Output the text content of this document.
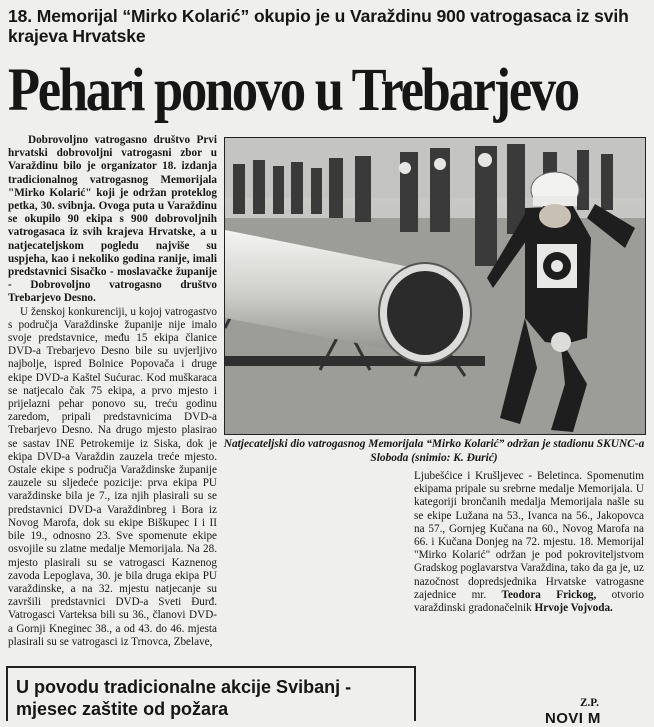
18. Memorijal “Mirko Kolarić” okupio je u Varaždinu 900 vatrogasaca iz svih krajeva Hrvatske
Pehari ponovo u Trebarjevo

Dobrovoljno vatrogasno društvo Prvi hrvatski dobrovoljni vatrogasni zbor u Varaždinu bilo je organizator 18. izdanja tradicionalnog vatrogasnog Memorijala "Mirko Kolarić" koji je održan proteklog petka, 30. svibnja. Ovoga puta u Varaždinu se okupilo 90 ekipa s 900 dobrovoljnih vatrogasaca iz svih krajeva Hrvatske, a u natjecateljskom pogledu najviše su uspjeha, kao i nekoliko godina ranije, imali predstavnici Sisačko - moslavačke županije - Dobrovoljno vatrogasno društvo Trebarjevo Desno.

U ženskoj konkurenciji, u kojoj vatrogastvo s područja Varaždinske županije nije imalo svoje predstavnice, među 15 ekipa članice DVD-a Trebarjevo Desno bile su uvjerljivo najbolje, ispred Bolnice Popovača i druge ekipe DVD-a Kaštel Sućurac. Kod muškaraca se natjecalo čak 75 ekipa, a prvo mjesto i prijelazni pehar ponovo su, treću godinu zaredom, pripali predstavnicima DVD-a Trebarjevo Desno. Na drugo mjesto plasirao se sastav INE Petrokemije iz Siska, dok je ekipa DVD-a Varaždin zauzela treće mjesto. Ostale ekipe s područja Varaždinske županije zauzele su sljedeće pozicije: prva ekipa PU varaždinske bila je 7., iza njih plasirali su se predstavnici DVD-a Varaždinbreg i Bora iz Novog Marofa, dok su ekipe Biškupec I i II bile 19., odnosno 23. Sve spomenute ekipe osvojile su zlatne medalje Memorijala. Na 28. mjesto plasirali su se vatrogasci Kaznenog zavoda Lepoglava, 30. je bila druga ekipa PU varaždinske, a na 32. mjestu natjecanje su završili predstavnici DVD-a Sveti Đurđ. Vatrogasci Varteksa bili su 36., članovi DVD-a Gornji Kneginec 38., a od 43. do 46. mjesta plasirali su se vatrogasci iz Trnovca, Zbelave,

Natjecateljski dio vatrogasnog Memorijala “Mirko Kolarić” održan je stadionu SKUNC-a Sloboda (snimio: K. Đurić)

Ljubešćice i Krušljevec - Beletinca. Spomenutim ekipama pripale su srebrne medalje Memorijala. U kategoriji brončanih medalja Memorijala našle su se ekipe Lužana na 53., Ivanca na 56., Jakopovca na 57., Gornjeg Kučana na 60., Novog Marofa na 66. i Kučana Donjeg na 72. mjestu. 18. Memorijal "Mirko Kolarić" održan je pod pokroviteljstvom Gradskog poglavarstva Varaždina, tako da ga je, uz nazočnost dopredsjednika Hrvatske vatrogasne zajednice mr. Teodora Frickog, otvorio varaždinski gradonačelnik Hrvoje Vojvoda.

Z.P.
U povodu tradicionalne akcije Svibanj - mjesec zaštite od požara	NOVI M
